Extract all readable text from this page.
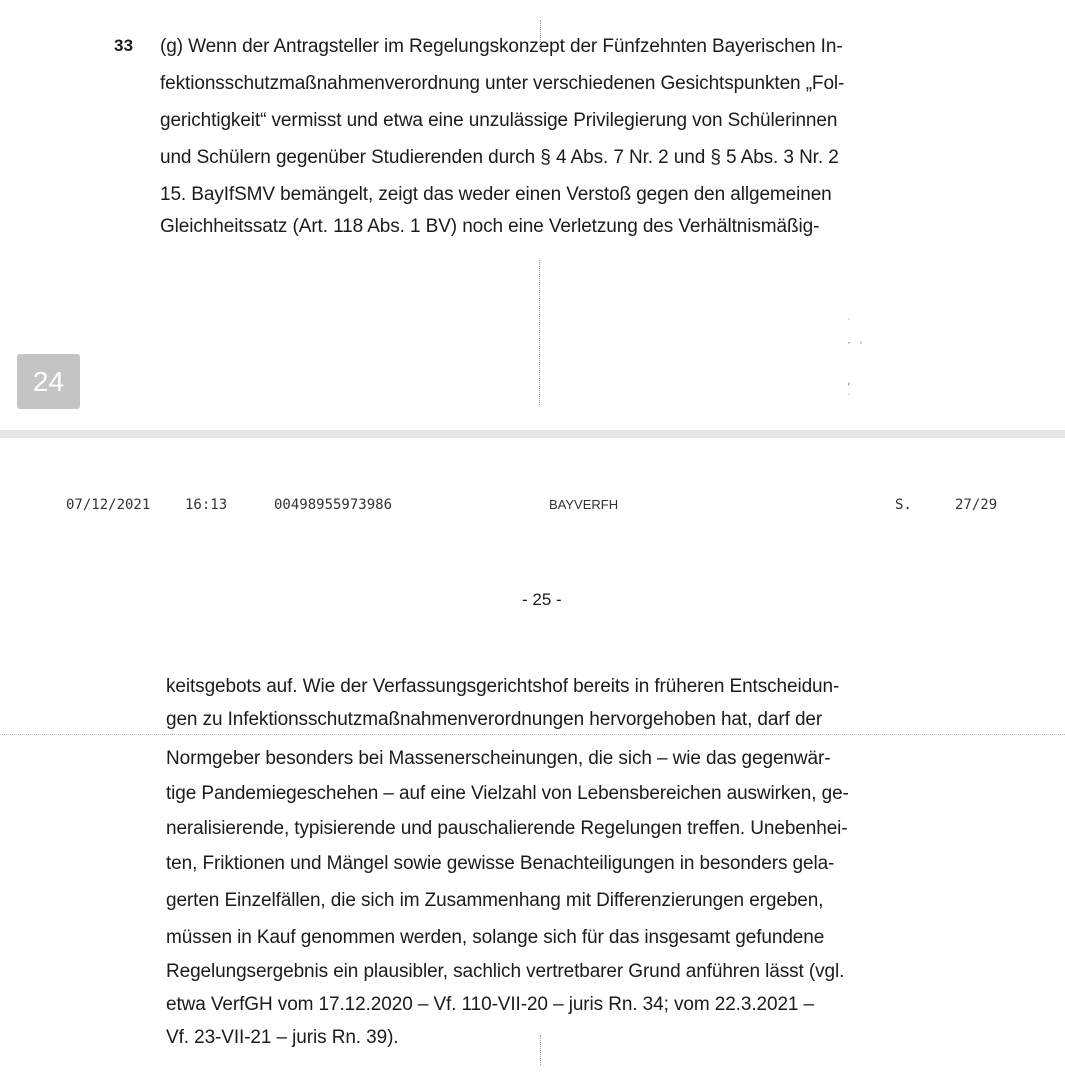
33 (g) Wenn der Antragsteller im Regelungskonzept der Fünfzehnten Bayerischen In-
fektionsschutzmaßnahmenverordnung unter verschiedenen Gesichtspunkten „Fol-
gerichtigkeit“ vermisst und etwa eine unzulässige Privilegierung von Schülerinnen
und Schülern gegenüber Studierenden durch § 4 Abs. 7 Nr. 2 und § 5 Abs. 3 Nr. 2
15. BayIfSMV bemängelt, zeigt das weder einen Verstoß gegen den allgemeinen
Gleichheitssatz (Art. 118 Abs. 1 BV) noch eine Verletzung des Verhältnismäßig-
24
˙
· ·
‚
˙
07/12/2021 16:13	00498955973986	BAYVERFH	S.	27/29
- 25 -
keitsgebots auf. Wie der Verfassungsgerichtshof bereits in früheren Entscheidun-
gen zu Infektionsschutzmaßnahmenverordnungen hervorgehoben hat, darf der
Normgeber besonders bei Massenerscheinungen, die sich – wie das gegenwär-
tige Pandemiegeschehen – auf eine Vielzahl von Lebensbereichen auswirken, ge-
neralisierende, typisierende und pauschalierende Regelungen treffen. Unebenhei-
ten, Friktionen und Mängel sowie gewisse Benachteiligungen in besonders gela-
gerten Einzelfällen, die sich im Zusammenhang mit Differenzierungen ergeben,
müssen in Kauf genommen werden, solange sich für das insgesamt gefundene
Regelungsergebnis ein plausibler, sachlich vertretbarer Grund anführen lässt (vgl.
etwa VerfGH vom 17.12.2020 – Vf. 110-VII-20 – juris Rn. 34; vom 22.3.2021 –
Vf. 23-VII-21 – juris Rn. 39).
